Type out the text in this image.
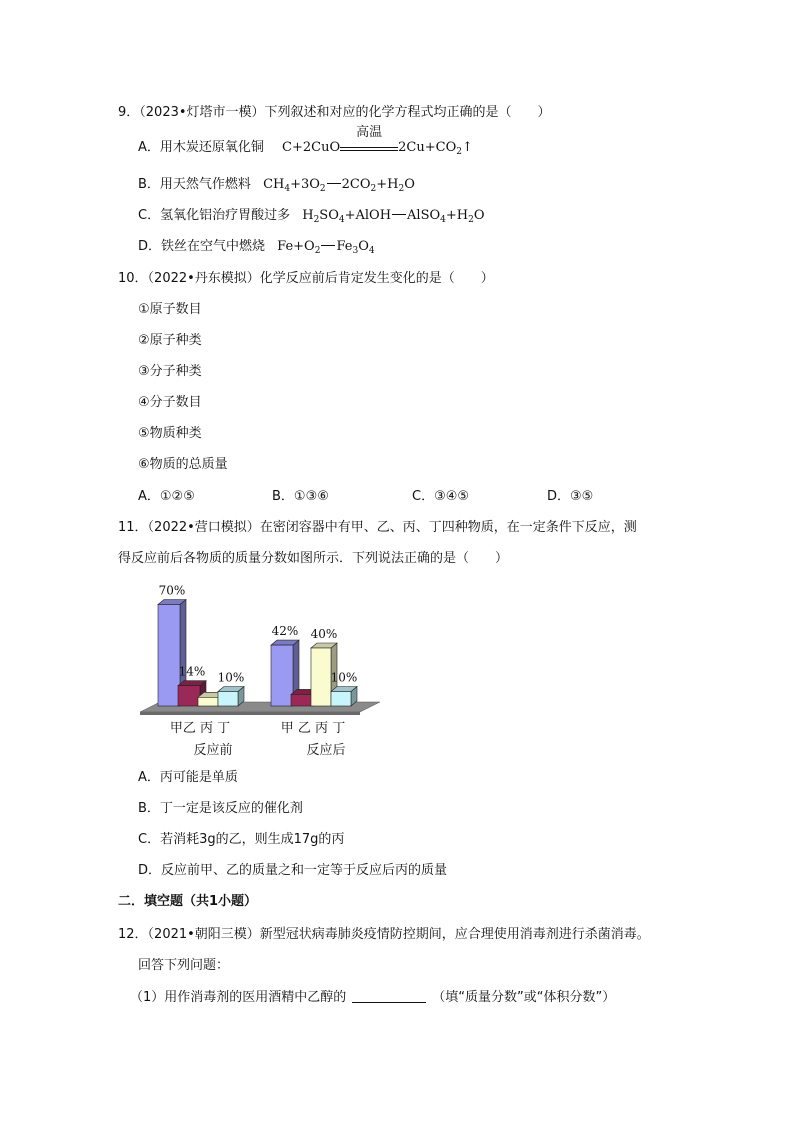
9．（2023•灯塔市一模）下列叙述和对应的化学方程式均正确的是（　　）
A．用木炭还原氧化铜 C+2CuO
高温
$2Cu+CO_2↑$
B．用天然气作燃料 $CH_4+3O_2$ $2CO_2+H_2O$
C．氢氧化铝治疗胃酸过多 $H_2SO_4+AlOH$ $AlSO_4+H_2O$
D．铁丝在空气中燃烧 $Fe+O_2$ $Fe_3O_4$
10．（2022•丹东模拟）化学反应前后肯定发生变化的是（　　）
①原子数目
②原子种类
③分子种类
④分子数目
⑤物质种类
⑥物质的总质量
A．①②⑤	B．①③⑥	C．③④⑤	D．③⑤
11．（2022•营口模拟）在密闭容器中有甲、乙、丙、丁四种物质，在一定条件下反应，测
得反应前后各物质的质量分数如图所示．下列说法正确的是（　　）
70%
14% 10%
42% 40%
10%
甲乙 丙 丁	甲 乙 丙 丁
反应前	反应后
A．丙可能是单质
B．丁一定是该反应的催化剂
C．若消耗3g的乙，则生成17g的丙
D．反应前甲、乙的质量之和一定等于反应后丙的质量
二．填空题（共1小题）
12．（2021•朝阳三模）新型冠状病毒肺炎疫情防控期间，应合理使用消毒剂进行杀菌消毒。
回答下列问题：
（1）用作消毒剂的医用酒精中乙醇的	（填“质量分数”或“体积分数”）
